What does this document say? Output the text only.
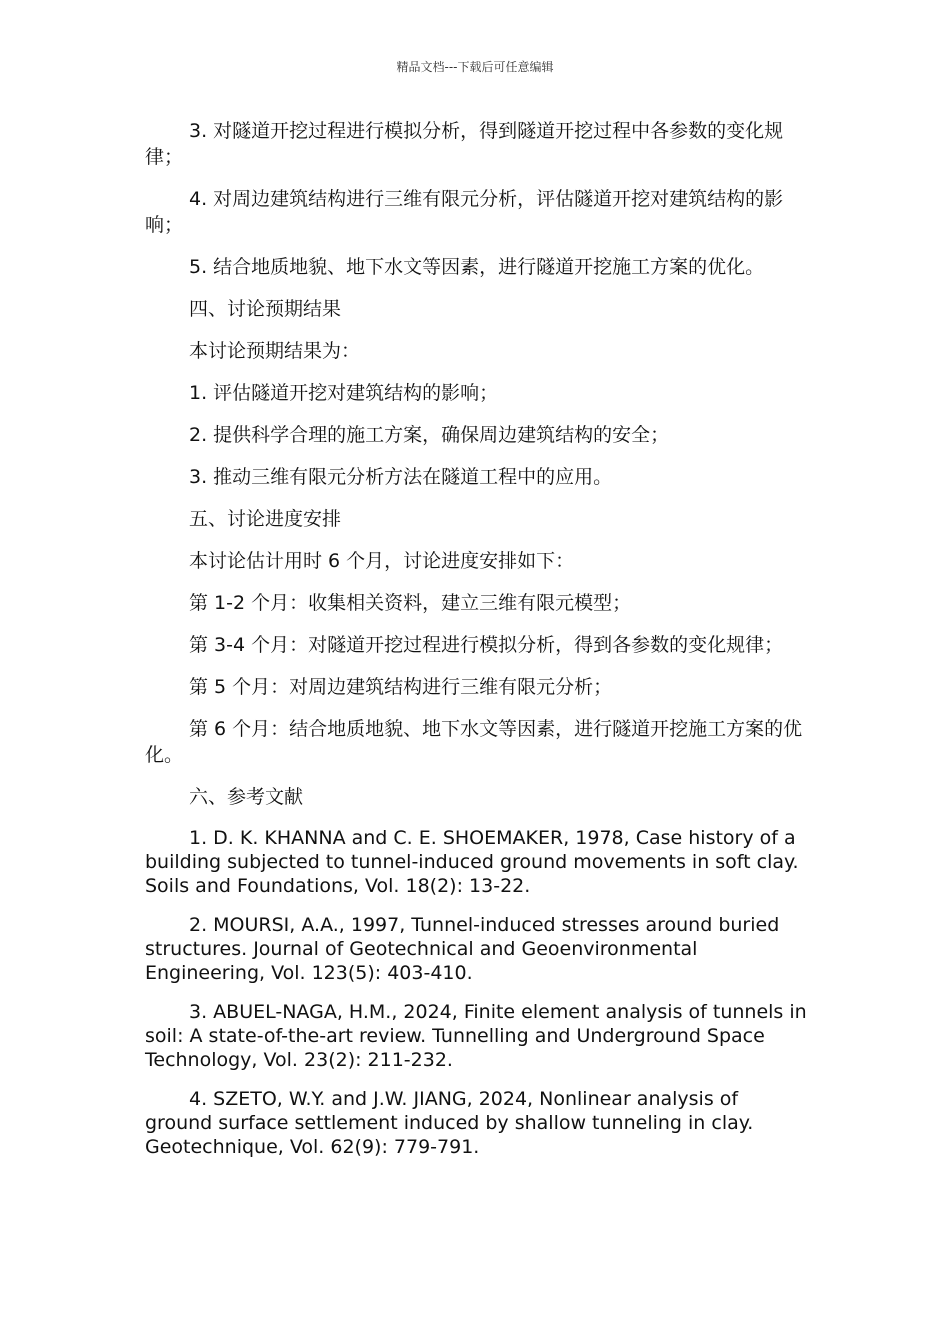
精品文档---下载后可任意编辑

3. 对隧道开挖过程进行模拟分析，得到隧道开挖过程中各参数的变化规律；

4. 对周边建筑结构进行三维有限元分析，评估隧道开挖对建筑结构的影响；

5. 结合地质地貌、地下水文等因素，进行隧道开挖施工方案的优化。

四、讨论预期结果

本讨论预期结果为：

1. 评估隧道开挖对建筑结构的影响；

2. 提供科学合理的施工方案，确保周边建筑结构的安全；

3. 推动三维有限元分析方法在隧道工程中的应用。

五、讨论进度安排

本讨论估计用时 6 个月，讨论进度安排如下：

第 1-2 个月：收集相关资料，建立三维有限元模型；

第 3-4 个月：对隧道开挖过程进行模拟分析，得到各参数的变化规律；

第 5 个月：对周边建筑结构进行三维有限元分析；

第 6 个月：结合地质地貌、地下水文等因素，进行隧道开挖施工方案的优化。

六、参考文献

1. D. K. KHANNA and C. E. SHOEMAKER, 1978, Case history of a building subjected to tunnel-induced ground movements in soft clay. Soils and Foundations, Vol. 18(2): 13-22.

2. MOURSI, A.A., 1997, Tunnel-induced stresses around buried structures. Journal of Geotechnical and Geoenvironmental Engineering, Vol. 123(5): 403-410.

3. ABUEL-NAGA, H.M., 2024, Finite element analysis of tunnels in soil: A state-of-the-art review. Tunnelling and Underground Space Technology, Vol. 23(2): 211-232.

4. SZETO, W.Y. and J.W. JIANG, 2024, Nonlinear analysis of ground surface settlement induced by shallow tunneling in clay. Geotechnique, Vol. 62(9): 779-791.
